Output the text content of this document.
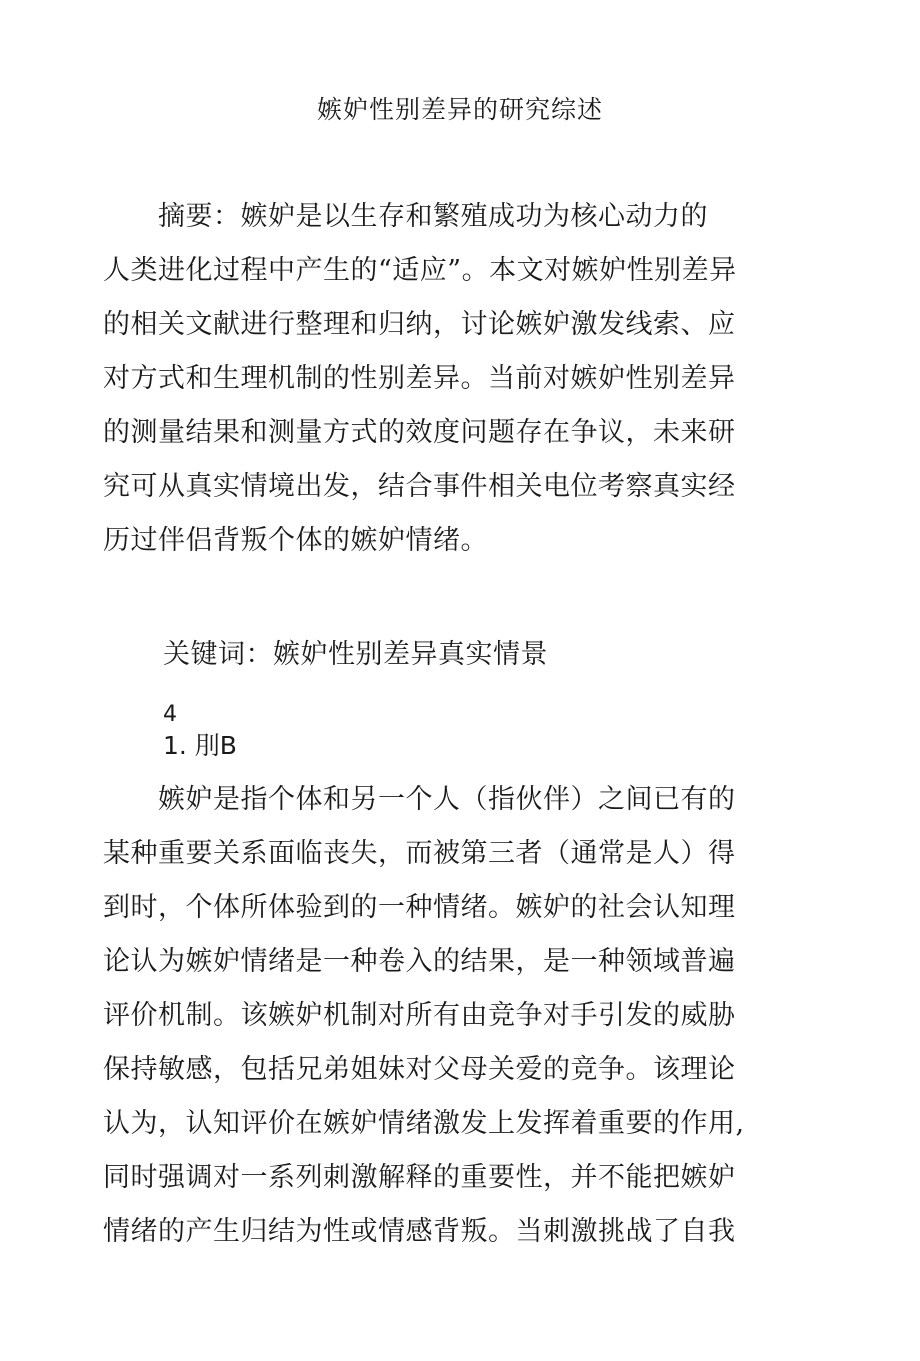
嫉妒性别差异的研究综述
　　摘要：嫉妒是以生存和繁殖成功为核心动力的
人类进化过程中产生的“适应”。本文对嫉妒性别差异
的相关文献进行整理和归纳，讨论嫉妒激发线索、应
对方式和生理机制的性别差异。当前对嫉妒性别差异
的测量结果和测量方式的效度问题存在争议，未来研
究可从真实情境出发，结合事件相关电位考察真实经
历过伴侣背叛个体的嫉妒情绪。
关键词：嫉妒性别差异真实情景
4
1. 刖B
　　嫉妒是指个体和另一个人（指伙伴）之间已有的
某种重要关系面临丧失，而被第三者（通常是人）得
到时，个体所体验到的一种情绪。嫉妒的社会认知理
论认为嫉妒情绪是一种卷入的结果，是一种领域普遍
评价机制。该嫉妒机制对所有由竞争对手引发的威胁
保持敏感，包括兄弟姐妹对父母关爱的竞争。该理论
认为，认知评价在嫉妒情绪激发上发挥着重要的作用,
同时强调对一系列刺激解释的重要性，并不能把嫉妒
情绪的产生归结为性或情感背叛。当刺激挑战了自我
